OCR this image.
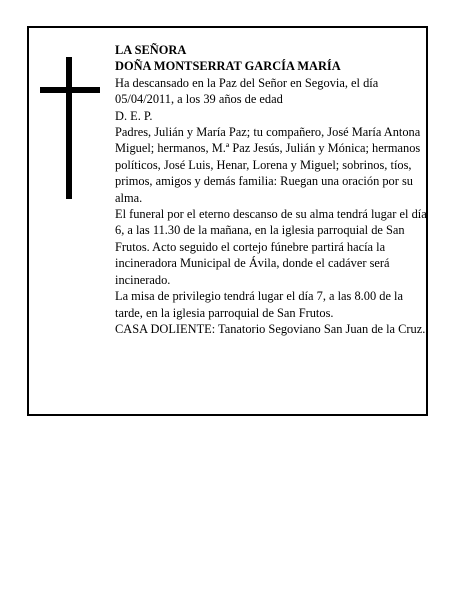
LA SEÑORA

DOÑA MONTSERRAT GARCÍA MARÍA

Ha descansado en la Paz del Señor en Segovia, el día 05/04/2011, a los 39 años de edad

D. E. P.

Padres, Julián y María Paz; tu compañero, José María Antona Miguel; hermanos, M.ª Paz Jesús, Julián y Mónica; hermanos políticos, José Luis, Henar, Lorena y Miguel; sobrinos, tíos, primos, amigos y demás familia: Ruegan una oración por su alma.

El funeral por el eterno descanso de su alma tendrá lugar el día 6, a las 11.30 de la mañana, en la iglesia parroquial de San Frutos. Acto seguido el cortejo fúnebre partirá hacía la incineradora Municipal de Ávila, donde el cadáver será incinerado.

La misa de privilegio tendrá lugar el día 7, a las 8.00 de la tarde, en la iglesia parroquial de San Frutos.

CASA DOLIENTE: Tanatorio Segoviano San Juan de la Cruz.
